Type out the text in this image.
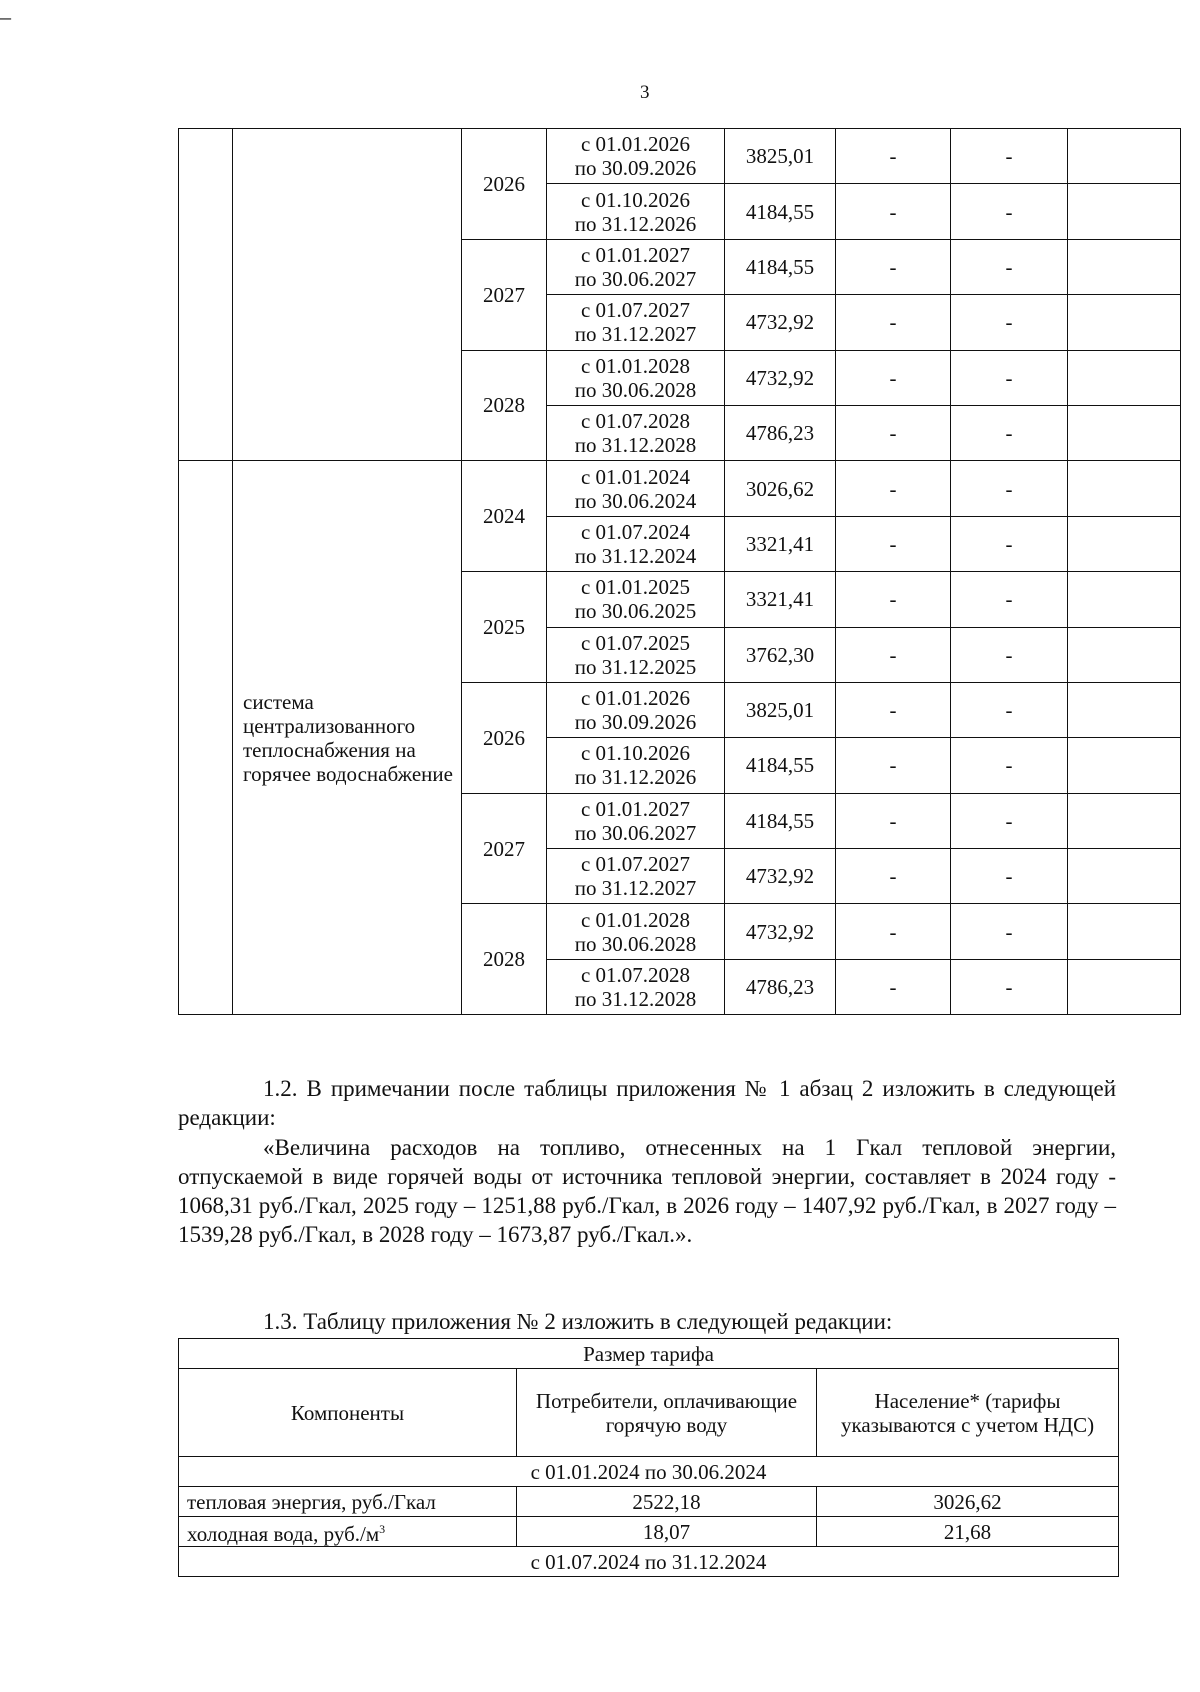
–
3
		2026	с 01.01.2026
по 30.09.2026	3825,01	-	-	

			с 01.10.2026
по 31.12.2026	4184,55	-	-	
		2027	с 01.01.2027
по 30.06.2027	4184,55	-	-	

			с 01.07.2027
по 31.12.2027	4732,92	-	-	
		2028	с 01.01.2028
по 30.06.2028	4732,92	-	-	

			с 01.07.2028
по 31.12.2028	4786,23	-	-	
	система централизованного теплоснабжения на горячее водоснабжение	2024	с 01.01.2024
по 30.06.2024	3026,62	-	-	

			с 01.07.2024
по 31.12.2024	3321,41	-	-	
		2025	с 01.01.2025
по 30.06.2025	3321,41	-	-	

			с 01.07.2025
по 31.12.2025	3762,30	-	-	
		2026	с 01.01.2026
по 30.09.2026	3825,01	-	-	

			с 01.10.2026
по 31.12.2026	4184,55	-	-	
		2027	с 01.01.2027
по 30.06.2027	4184,55	-	-	

			с 01.07.2027
по 31.12.2027	4732,92	-	-	
		2028	с 01.01.2028
по 30.06.2028	4732,92	-	-	

			с 01.07.2028
по 31.12.2028	4786,23	-	-	

1.2. В примечании после таблицы приложения № 1 абзац 2 изложить в следующей редакции:

«Величина расходов на топливо, отнесенных на 1 Гкал тепловой энергии, отпускаемой в виде горячей воды от источника тепловой энергии, составляет в 2024 году - 1068,31 руб./Гкал, 2025 году – 1251,88 руб./Гкал, в 2026 году – 1407,92 руб./Гкал, в 2027 году – 1539,28 руб./Гкал, в 2028 году – 1673,87 руб./Гкал.».

1.3. Таблицу приложения № 2 изложить в следующей редакции:

Размер тарифа		
Компоненты	Потребители, оплачивающие горячую воду	Население* (тарифы указываются с учетом НДС)
с 01.01.2024 по 30.06.2024		
тепловая энергия, руб./Гкал	2522,18	3026,62
холодная вода, $руб./м^3$	18,07	21,68
с 01.07.2024 по 31.12.2024		
